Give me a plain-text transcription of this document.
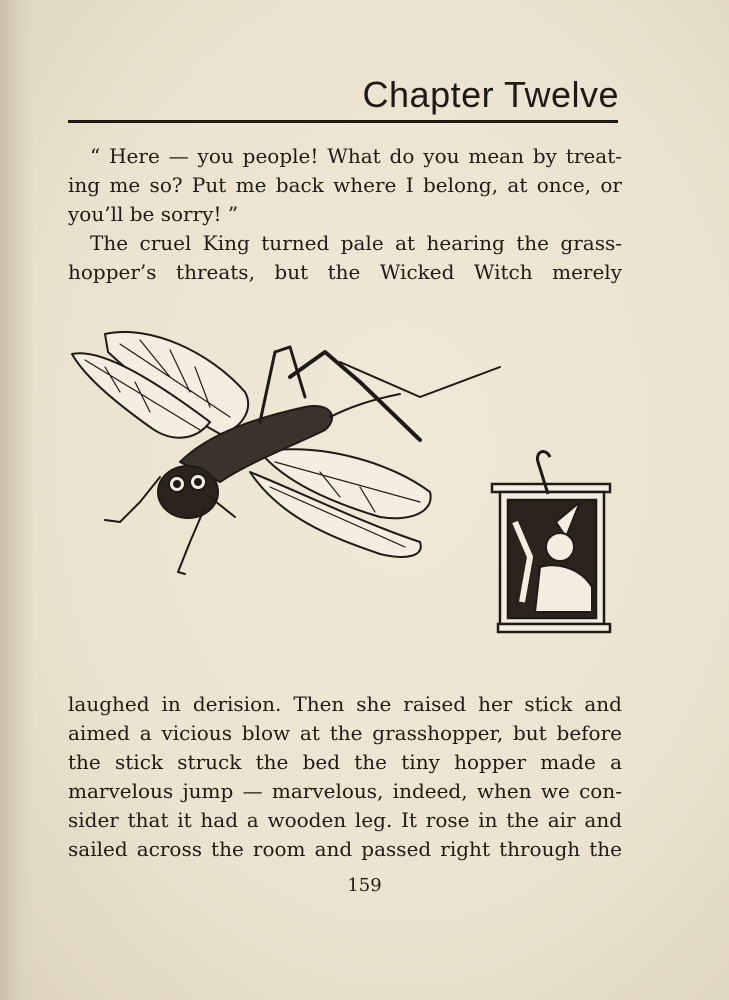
Chapter Twelve
“ Here — you people! What do you mean by treat-
ing me so? Put me back where I belong, at once, or
you’ll be sorry! ”
The cruel King turned pale at hearing the grass-
hopper’s threats, but the Wicked Witch merely
laughed in derision. Then she raised her stick and
aimed a vicious blow at the grasshopper, but before
the stick struck the bed the tiny hopper made a
marvelous jump — marvelous, indeed, when we con-
sider that it had a wooden leg. It rose in the air and
sailed across the room and passed right through the
159
